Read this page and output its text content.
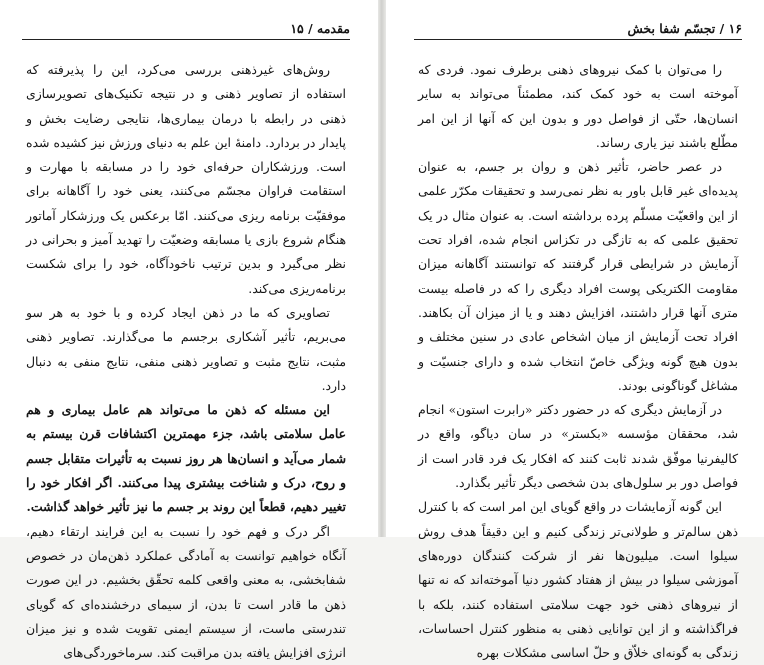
مقدمه / ۱۵

روش‌های غیرذهنی بررسی می‌کرد، این را پذیرفته که استفاده از تصاویر ذهنی و در نتیجه تکنیک‌های تصویرسازی ذهنی در رابطه با درمان بیماری‌ها، نتایجی رضایت بخش و پایدار در بردارد. دامنهٔ این علم به دنیای ورزش نیز کشیده شده است. ورزشکاران حرفه‌ای خود را در مسابقه با مهارت و استقامت فراوان مجسّم می‌کنند، یعنی خود را آگاهانه برای موفقیّت برنامه ریزی می‌کنند. امّا برعکس یک ورزشکار آماتور هنگام شروع بازی یا مسابقه وضعیّت را تهدید آمیز و بحرانی در نظر می‌گیرد و بدین ترتیب ناخودآگاه، خود را برای شکست برنامه‌ریزی می‌کند.

تصاویری که ما در ذهن ایجاد کرده و با خود به هر سو می‌بریم، تأثیر آشکاری برجسم ما می‌گذارند. تصاویر ذهنی مثبت، نتایج مثبت و تصاویر ذهنی منفی، نتایج منفی به دنبال دارد.

این مسئله که ذهن ما می‌تواند هم عامل بیماری و هم عامل سلامتی باشد، جزء مهمترین اکتشافات قرن بیستم به شمار می‌آید و انسان‌ها هر روز نسبت به تأثیرات متقابل جسم و روح، درک و شناخت بیشتری پیدا می‌کنند. اگر افکار خود را تغییر دهیم، قطعاً این روند بر جسم ما نیز تأثیر خواهد گذاشت.

اگر درک و فهم خود را نسبت به این فرایند ارتقاء دهیم، آنگاه خواهیم توانست به آمادگی عملکرد ذهن‌مان در خصوص شفابخشی، به معنی واقعی کلمه تحقّق بخشیم. در این صورت ذهن ما قادر است تا بدن، از سیمای درخشنده‌ای که گویای تندرستی ماست، از سیستم ایمنی تقویت شده و نیز میزان انرژی افزایش یافته بدن مراقبت کند. سرماخوردگی‌های

۱۶ / تجسّم شفا بخش

را می‌توان با کمک نیروهای ذهنی برطرف نمود. فردی که آموخته است به خود کمک کند، مطمئناً می‌تواند به سایر انسان‌ها، حتّی از فواصل دور و بدون این که آنها از این امر مطّلع باشند نیز یاری رساند.

در عصر حاضر، تأثیر ذهن و روان بر جسم، به عنوان پدیده‌ای غیر قابل باور به نظر نمی‌رسد و تحقیقات مکرّر علمی از این واقعیّت مسلّم پرده برداشته است. به عنوان مثال در یک تحقیق علمی که به تازگی در تکزاس انجام شده، افراد تحت آزمایش در شرایطی قرار گرفتند که توانستند آگاهانه میزان مقاومت الکتریکی پوست افراد دیگری را که در فاصله بیست متری آنها قرار داشتند، افزایش دهند و یا از میزان آن بکاهند. افراد تحت آزمایش از میان اشخاص عادی در سنین مختلف و بدون هیچ گونه ویژگی خاصّ انتخاب شده و دارای جنسیّت و مشاغل گوناگونی بودند.

در آزمایش دیگری که در حضور دکتر «رابرت استون» انجام شد، محققان مؤسسه «بکستر» در سان دیاگو، واقع در کالیفرنیا موفّق شدند ثابت کنند که افکار یک فرد قادر است از فواصل دور بر سلول‌های بدن شخصی دیگر تأثیر بگذارد.

این گونه آزمایشات در واقع گویای این امر است که با کنترل ذهن سالم‌تر و طولانی‌تر زندگی کنیم و این دقیقاً هدف روش سیلوا است. میلیون‌ها نفر از شرکت کنندگان دوره‌های آموزشی سیلوا در بیش از هفتاد کشور دنیا آموخته‌اند که نه تنها از نیروهای ذهنی خود جهت سلامتی استفاده کنند، بلکه با فراگذاشته و از این توانایی ذهنی به منظور کنترل احساسات، زندگی به گونه‌ای خلاّق و حلّ اساسی مشکلات بهره
